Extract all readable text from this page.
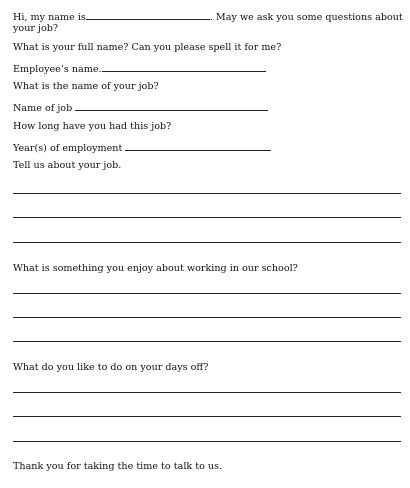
Hi, my name is	. May we ask you some questions about
your job?
What is your full name? Can you please spell it for me?
Employee’s name.
What is the name of your job?
Name of job
How long have you had this job?
Year(s) of employment
Tell us about your job.
What is something you enjoy about working in our school?
What do you like to do on your days off?
Thank you for taking the time to talk to us.
